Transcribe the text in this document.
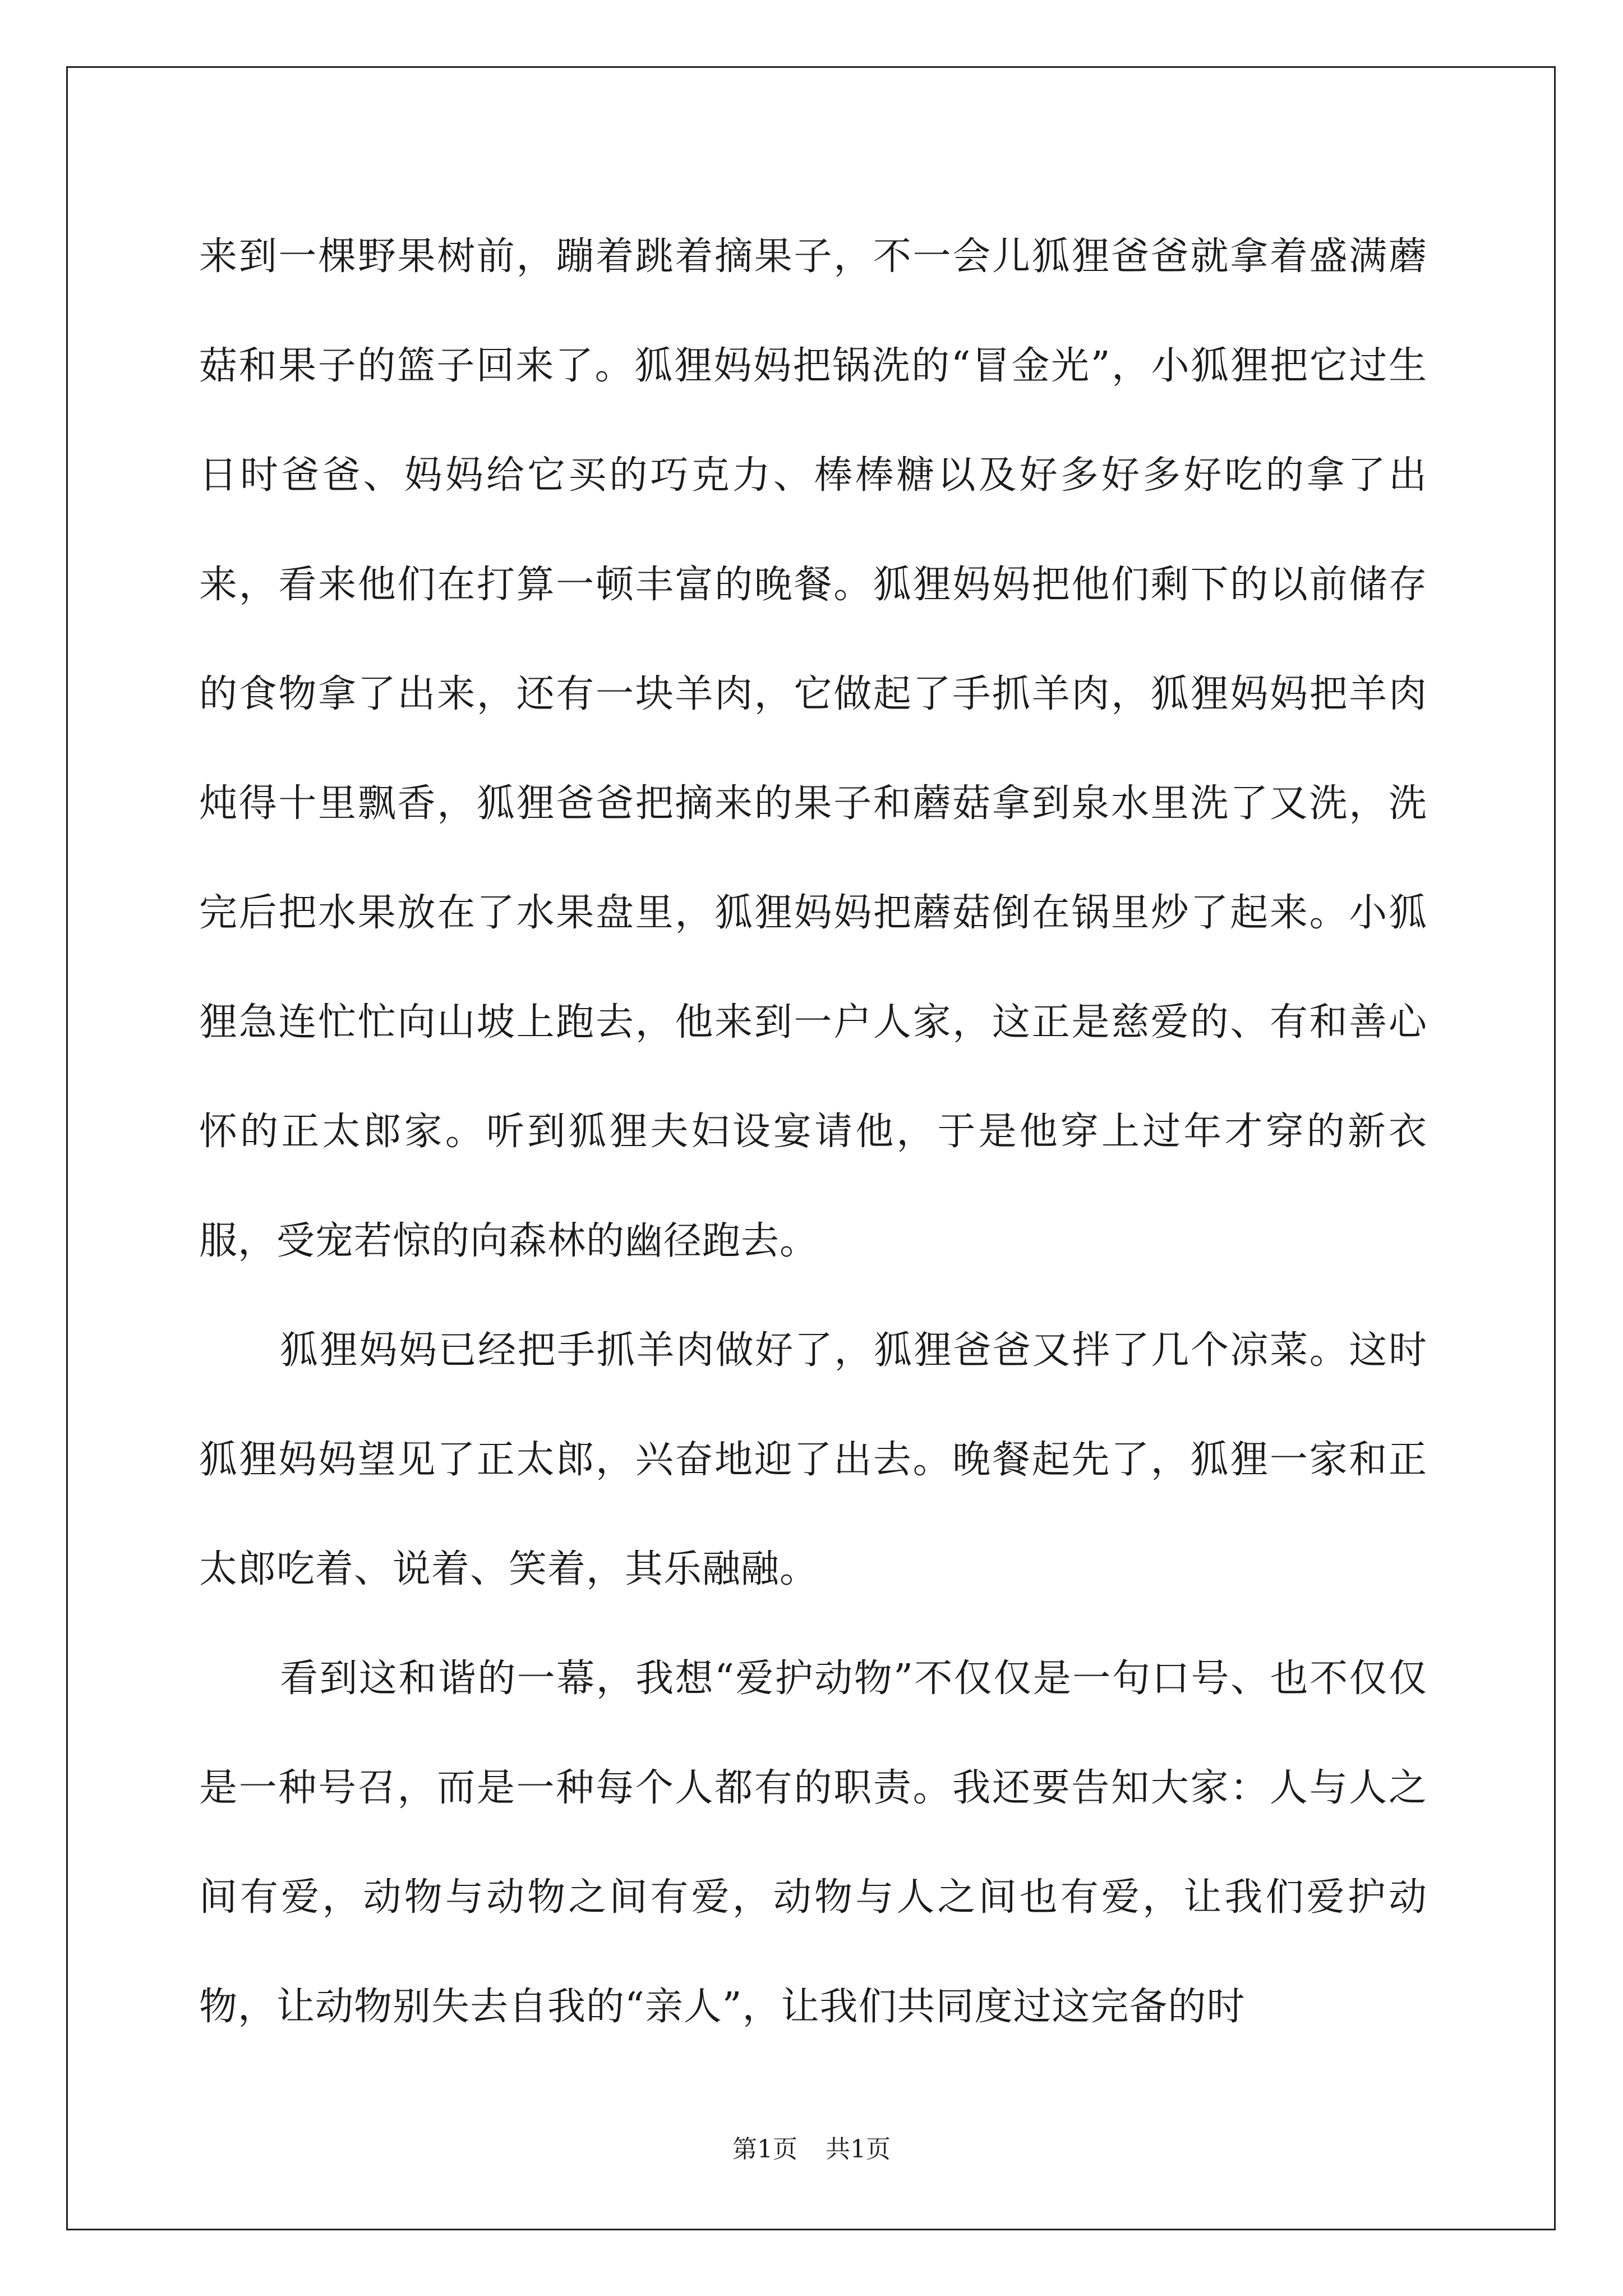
来到一棵野果树前，蹦着跳着摘果子，不一会儿狐狸爸爸就拿着盛满蘑菇和果子的篮子回来了。狐狸妈妈把锅洗的“冒金光”，小狐狸把它过生日时爸爸、妈妈给它买的巧克力、棒棒糖以及好多好多好吃的拿了出来，看来他们在打算一顿丰富的晚餐。狐狸妈妈把他们剩下的以前储存的食物拿了出来，还有一块羊肉，它做起了手抓羊肉，狐狸妈妈把羊肉炖得十里飘香，狐狸爸爸把摘来的果子和蘑菇拿到泉水里洗了又洗，洗完后把水果放在了水果盘里，狐狸妈妈把蘑菇倒在锅里炒了起来。小狐狸急连忙忙向山坡上跑去，他来到一户人家，这正是慈爱的、有和善心怀的正太郎家。听到狐狸夫妇设宴请他，于是他穿上过年才穿的新衣服，受宠若惊的向森林的幽径跑去。

狐狸妈妈已经把手抓羊肉做好了，狐狸爸爸又拌了几个凉菜。这时狐狸妈妈望见了正太郎，兴奋地迎了出去。晚餐起先了，狐狸一家和正太郎吃着、说着、笑着，其乐融融。

看到这和谐的一幕，我想“爱护动物”不仅仅是一句口号、也不仅仅是一种号召，而是一种每个人都有的职责。我还要告知大家：人与人之间有爱，动物与动物之间有爱，动物与人之间也有爱，让我们爱护动物，让动物别失去自我的“亲人”，让我们共同度过这完备的时

第1页 共1页
